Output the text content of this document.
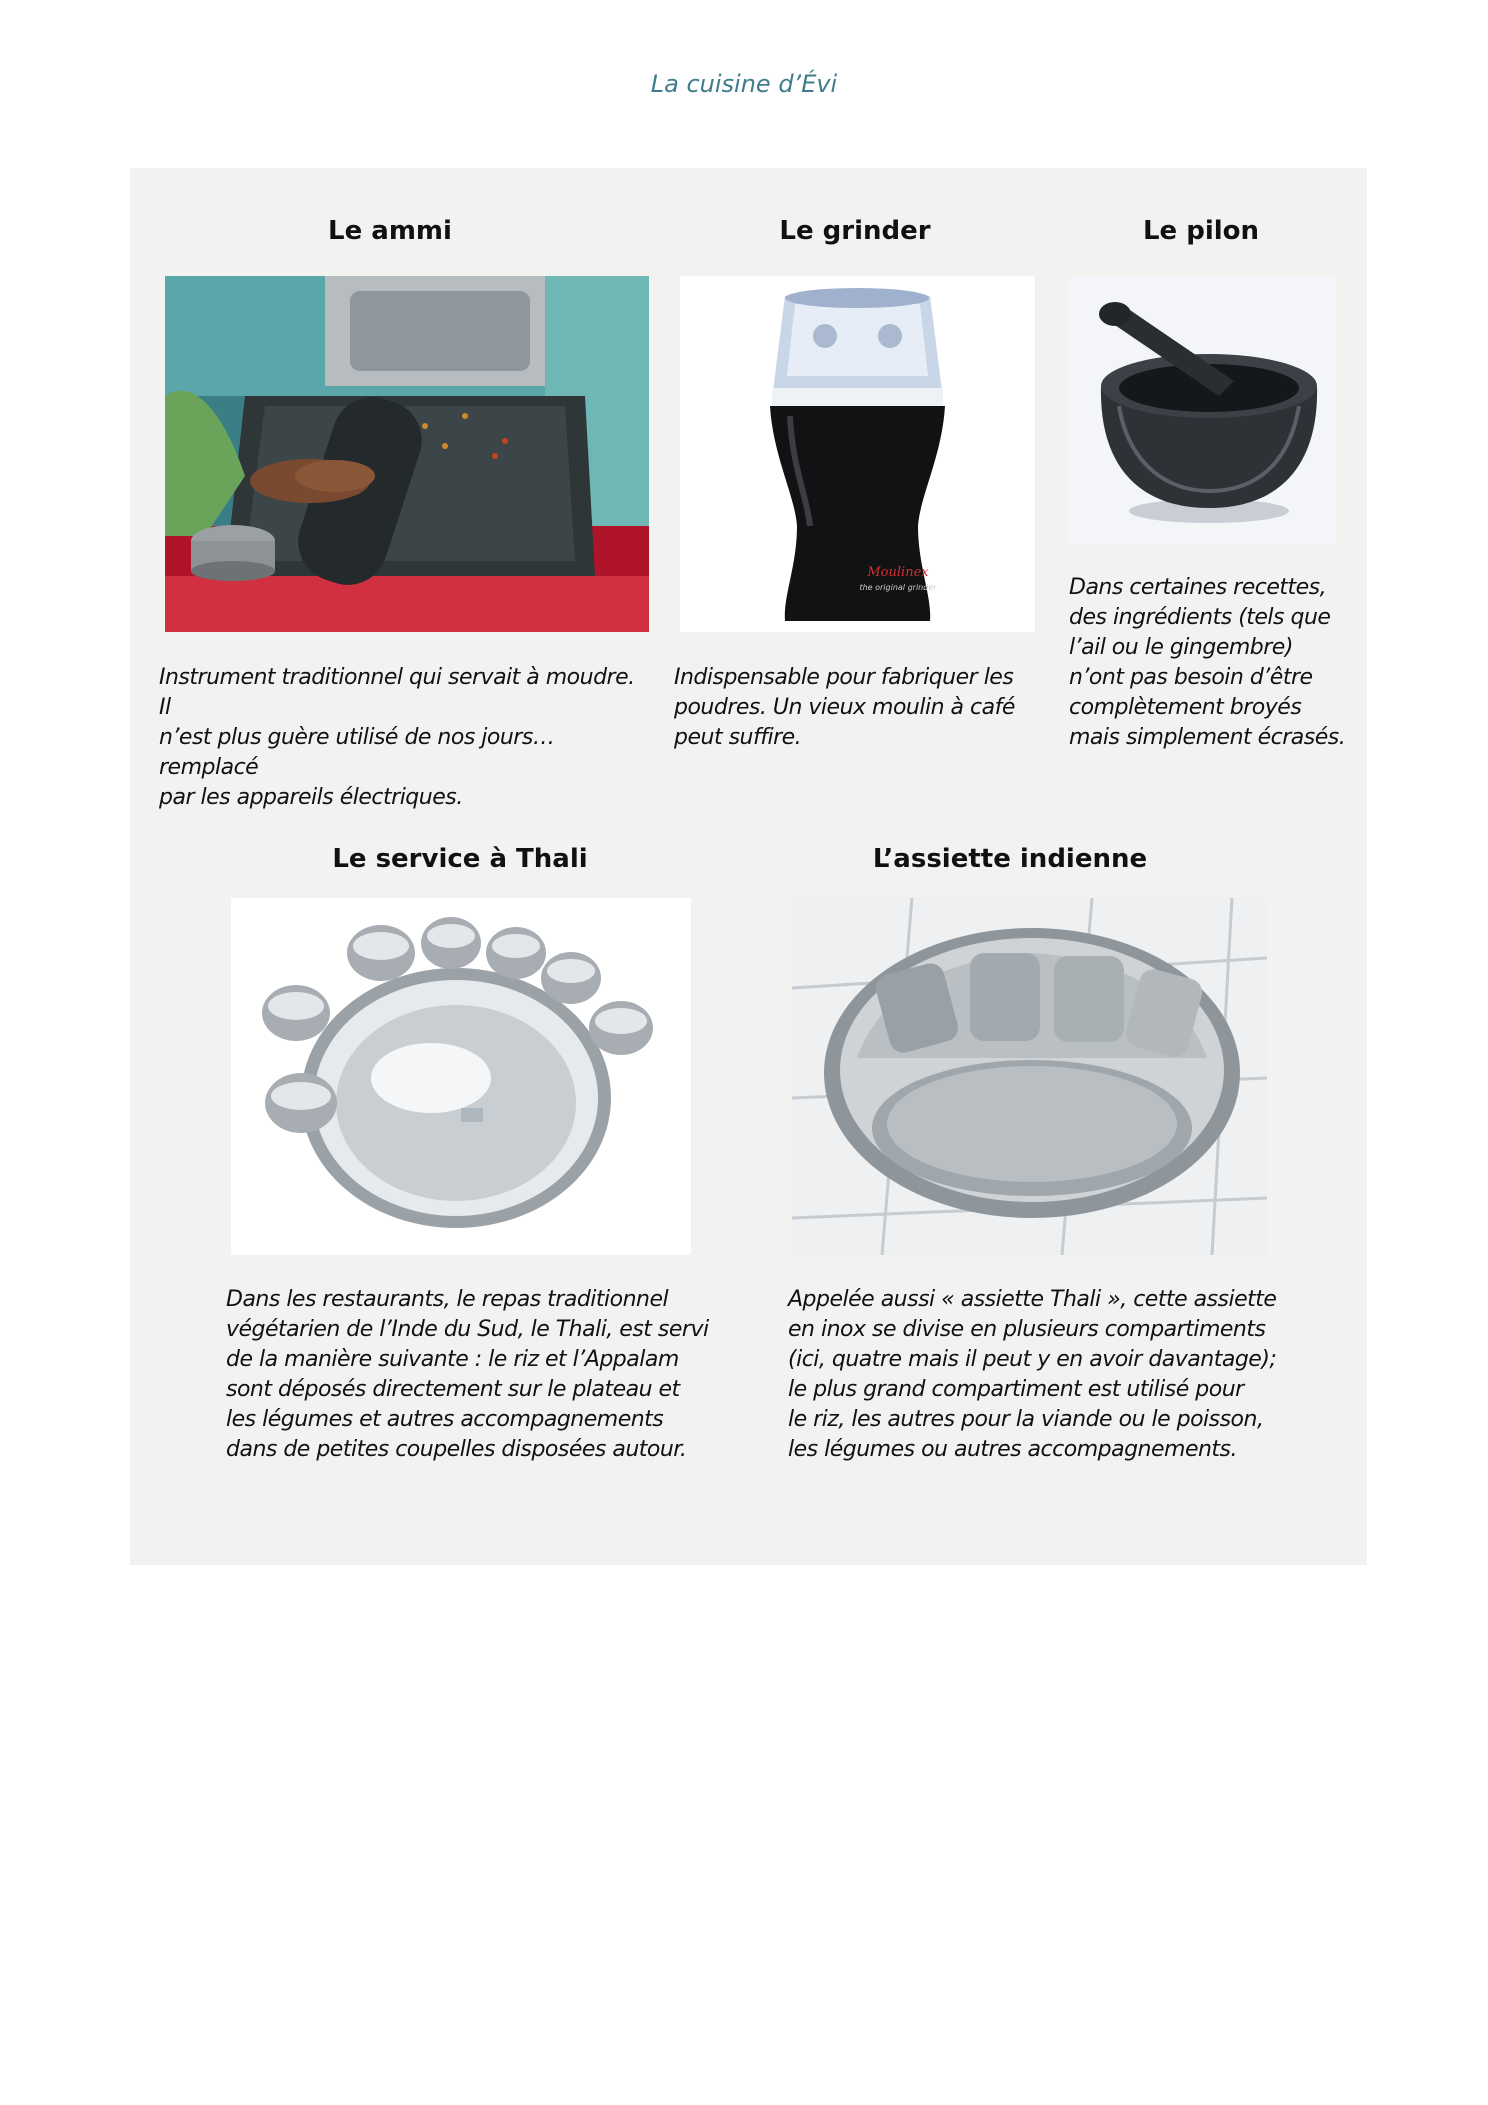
La cuisine d’Évi
Le ammi

Instrument traditionnel qui servait à moudre. Il
n’est plus guère utilisé de nos jours… remplacé
par les appareils électriques.

Le grinder
Moulinex
the original grinder

Indispensable pour fabriquer les
poudres. Un vieux moulin à café
peut suffire.

Le pilon

Dans certaines recettes,
des ingrédients (tels que
l’ail ou le gingembre)
n’ont pas besoin d’être
complètement broyés
mais simplement écrasés.

Le service à Thali

Dans les restaurants, le repas traditionnel
végétarien de l’Inde du Sud, le Thali, est servi
de la manière suivante : le riz et l’Appalam
sont déposés directement sur le plateau et
les légumes et autres accompagnements
dans de petites coupelles disposées autour.

L’assiette indienne

Appelée aussi « assiette Thali », cette assiette
en inox se divise en plusieurs compartiments
(ici, quatre mais il peut y en avoir davantage);
le plus grand compartiment est utilisé pour
le riz, les autres pour la viande ou le poisson,
les légumes ou autres accompagnements.
